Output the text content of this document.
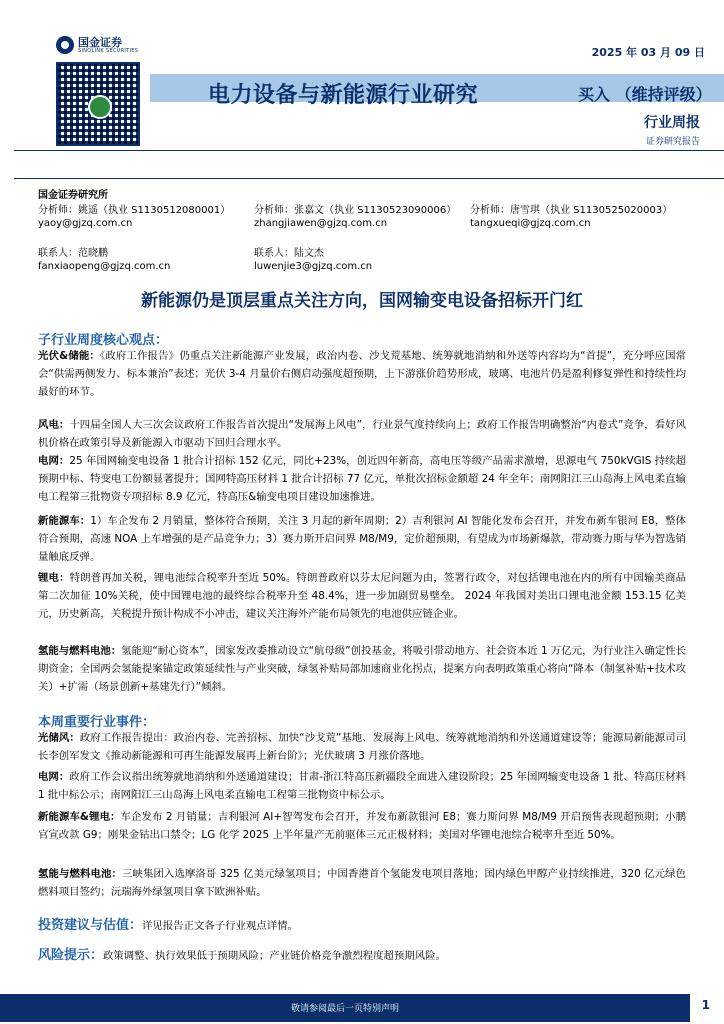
国金证券
SINOLINK SECURITIES	2025 年 03 月 09 日
电力设备与新能源行业研究	买入 （维持评级）
行业周报
证券研究报告
国金证券研究所
分析师：姚遥（执业 S1130512080001）
yaoy@gjzq.com.cn
分析师：张嘉文（执业 S1130523090006）
zhangjiawen@gjzq.com.cn
分析师：唐雪琪（执业 S1130525020003）
tangxueqi@gjzq.com.cn
联系人：范晓鹏
fanxiaopeng@gjzq.com.cn
联系人：陆文杰
luwenjie3@gjzq.com.cn
新能源仍是顶层重点关注方向，国网输变电设备招标开门红
子行业周度核心观点：
光伏&储能：《政府工作报告》仍重点关注新能源产业发展，政治内卷、沙戈荒基地、统筹就地消纳和外送等内容均为“首提”，充分呼应国常会“供需两侧发力、标本兼治”表述；光伏 3-4 月量价右侧启动强度超预期，上下游涨价趋势形成，玻璃、电池片仍是盈利修复弹性和持续性均最好的环节。
风电：十四届全国人大三次会议政府工作报告首次提出“发展海上风电”，行业景气度持续向上；政府工作报告明确整治“内卷式”竞争，看好风机价格在政策引导及新能源入市驱动下回归合理水平。
电网：25 年国网输变电设备 1 批合计招标 152 亿元，同比+23%，创近四年新高，高电压等级产品需求激增，思源电气 750kVGIS 持续超预期中标、特变电工份额显著提升；国网特高压材料 1 批合计招标 77 亿元，单批次招标金额超 24 年全年；南网阳江三山岛海上风电柔直输电工程第三批物资专项招标 8.9 亿元，特高压&输变电项目建设加速推进。
新能源车：1）车企发布 2 月销量，整体符合预期，关注 3 月起的新年周期；2）吉利银河 AI 智能化发布会召开，并发布新车银河 E8，整体符合预期，高速 NOA 上车增强的是产品竞争力；3）赛力斯开启问界 M8/M9，定价超预期，有望成为市场新爆款，带动赛力斯与华为智选销量触底反弹。
锂电：特朗普再加关税，锂电池综合税率升至近 50%。特朗普政府以芬太尼问题为由，签署行政令，对包括锂电池在内的所有中国输美商品第二次加征 10%关税，使中国锂电池的最终综合税率升至 48.4%，进一步加剧贸易壁垒。 2024 年我国对美出口锂电池金额 153.15 亿美元，历史新高，关税提升预计构成不小冲击，建议关注海外产能布局领先的电池供应链企业。
氢能与燃料电池：氢能迎“耐心资本”，国家发改委推动设立“航母级”创投基金，将吸引带动地方、社会资本近 1 万亿元，为行业注入确定性长期资金；全国两会氢能提案锚定政策延续性与产业突破，绿氢补贴局部加速商业化拐点，提案方向表明政策重心将向“降本（制氢补贴+技术攻关）+扩需（场景创新+基建先行）”倾斜。
本周重要行业事件：
光储风：政府工作报告提出：政治内卷、完善招标、加快“沙戈荒”基地、发展海上风电、统筹就地消纳和外送通道建设等；能源局新能源司司长李创军发文《推动新能源和可再生能源发展再上新台阶》；光伏玻璃 3 月涨价落地。
电网：政府工作会议指出统筹就地消纳和外送通道建设；甘肃-浙江特高压新疆段全面进入建设阶段；25 年国网输变电设备 1 批、特高压材料 1 批中标公示；南网阳江三山岛海上风电柔直输电工程第三批物资中标公示。
新能源车&锂电：车企发布 2 月销量；吉利银河 AI+智驾发布会召开，并发布新款银河 E8；赛力斯问界 M8/M9 开启预售表现超预期；小鹏官宣改款 G9；刚果金钴出口禁令；LG 化学 2025 上半年量产无前驱体三元正极材料；美国对华锂电池综合税率升至近 50%。
氢能与燃料电池：三峡集团入选摩洛哥 325 亿美元绿氢项目；中国香港首个氢能发电项目落地；国内绿色甲醇产业持续推进，320 亿元绿色燃料项目签约；沅瑞海外绿氢项目拿下欧洲补贴。
投资建议与估值：详见报告正文各子行业观点详情。
风险提示：政策调整、执行效果低于预期风险；产业链价格竞争激烈程度超预期风险。
敬请参阅最后一页特别声明	1
